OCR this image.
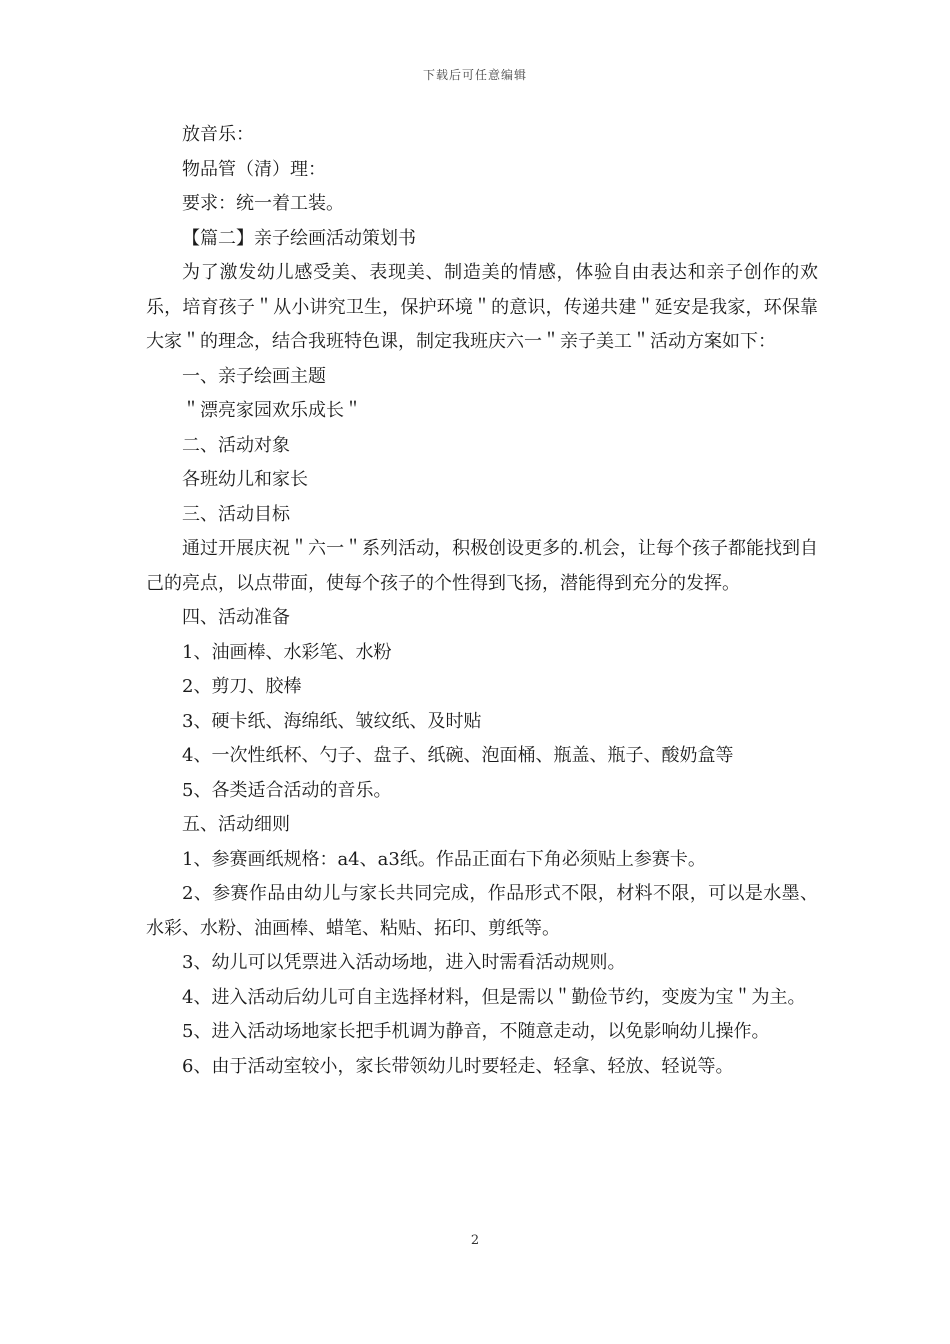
下载后可任意编辑

放音乐：

物品管（清）理：

要求：统一着工装。

【篇二】亲子绘画活动策划书

为了激发幼儿感受美、表现美、制造美的情感，体验自由表达和亲子创作的欢乐，培育孩子＂从小讲究卫生，保护环境＂的意识，传递共建＂延安是我家，环保靠大家＂的理念，结合我班特色课，制定我班庆六一＂亲子美工＂活动方案如下：

一、亲子绘画主题

＂漂亮家园欢乐成长＂

二、活动对象

各班幼儿和家长

三、活动目标

通过开展庆祝＂六一＂系列活动，积极创设更多的.机会，让每个孩子都能找到自己的亮点，以点带面，使每个孩子的个性得到飞扬，潜能得到充分的发挥。

四、活动准备

1、油画棒、水彩笔、水粉

2、剪刀、胶棒

3、硬卡纸、海绵纸、皱纹纸、及时贴

4、一次性纸杯、勺子、盘子、纸碗、泡面桶、瓶盖、瓶子、酸奶盒等

5、各类适合活动的音乐。

五、活动细则

1、参赛画纸规格：a4、a3纸。作品正面右下角必须贴上参赛卡。

2、参赛作品由幼儿与家长共同完成，作品形式不限，材料不限，可以是水墨、水彩、水粉、油画棒、蜡笔、粘贴、拓印、剪纸等。

3、幼儿可以凭票进入活动场地，进入时需看活动规则。

4、进入活动后幼儿可自主选择材料，但是需以＂勤俭节约，变废为宝＂为主。

5、进入活动场地家长把手机调为静音，不随意走动，以免影响幼儿操作。

6、由于活动室较小，家长带领幼儿时要轻走、轻拿、轻放、轻说等。

2
